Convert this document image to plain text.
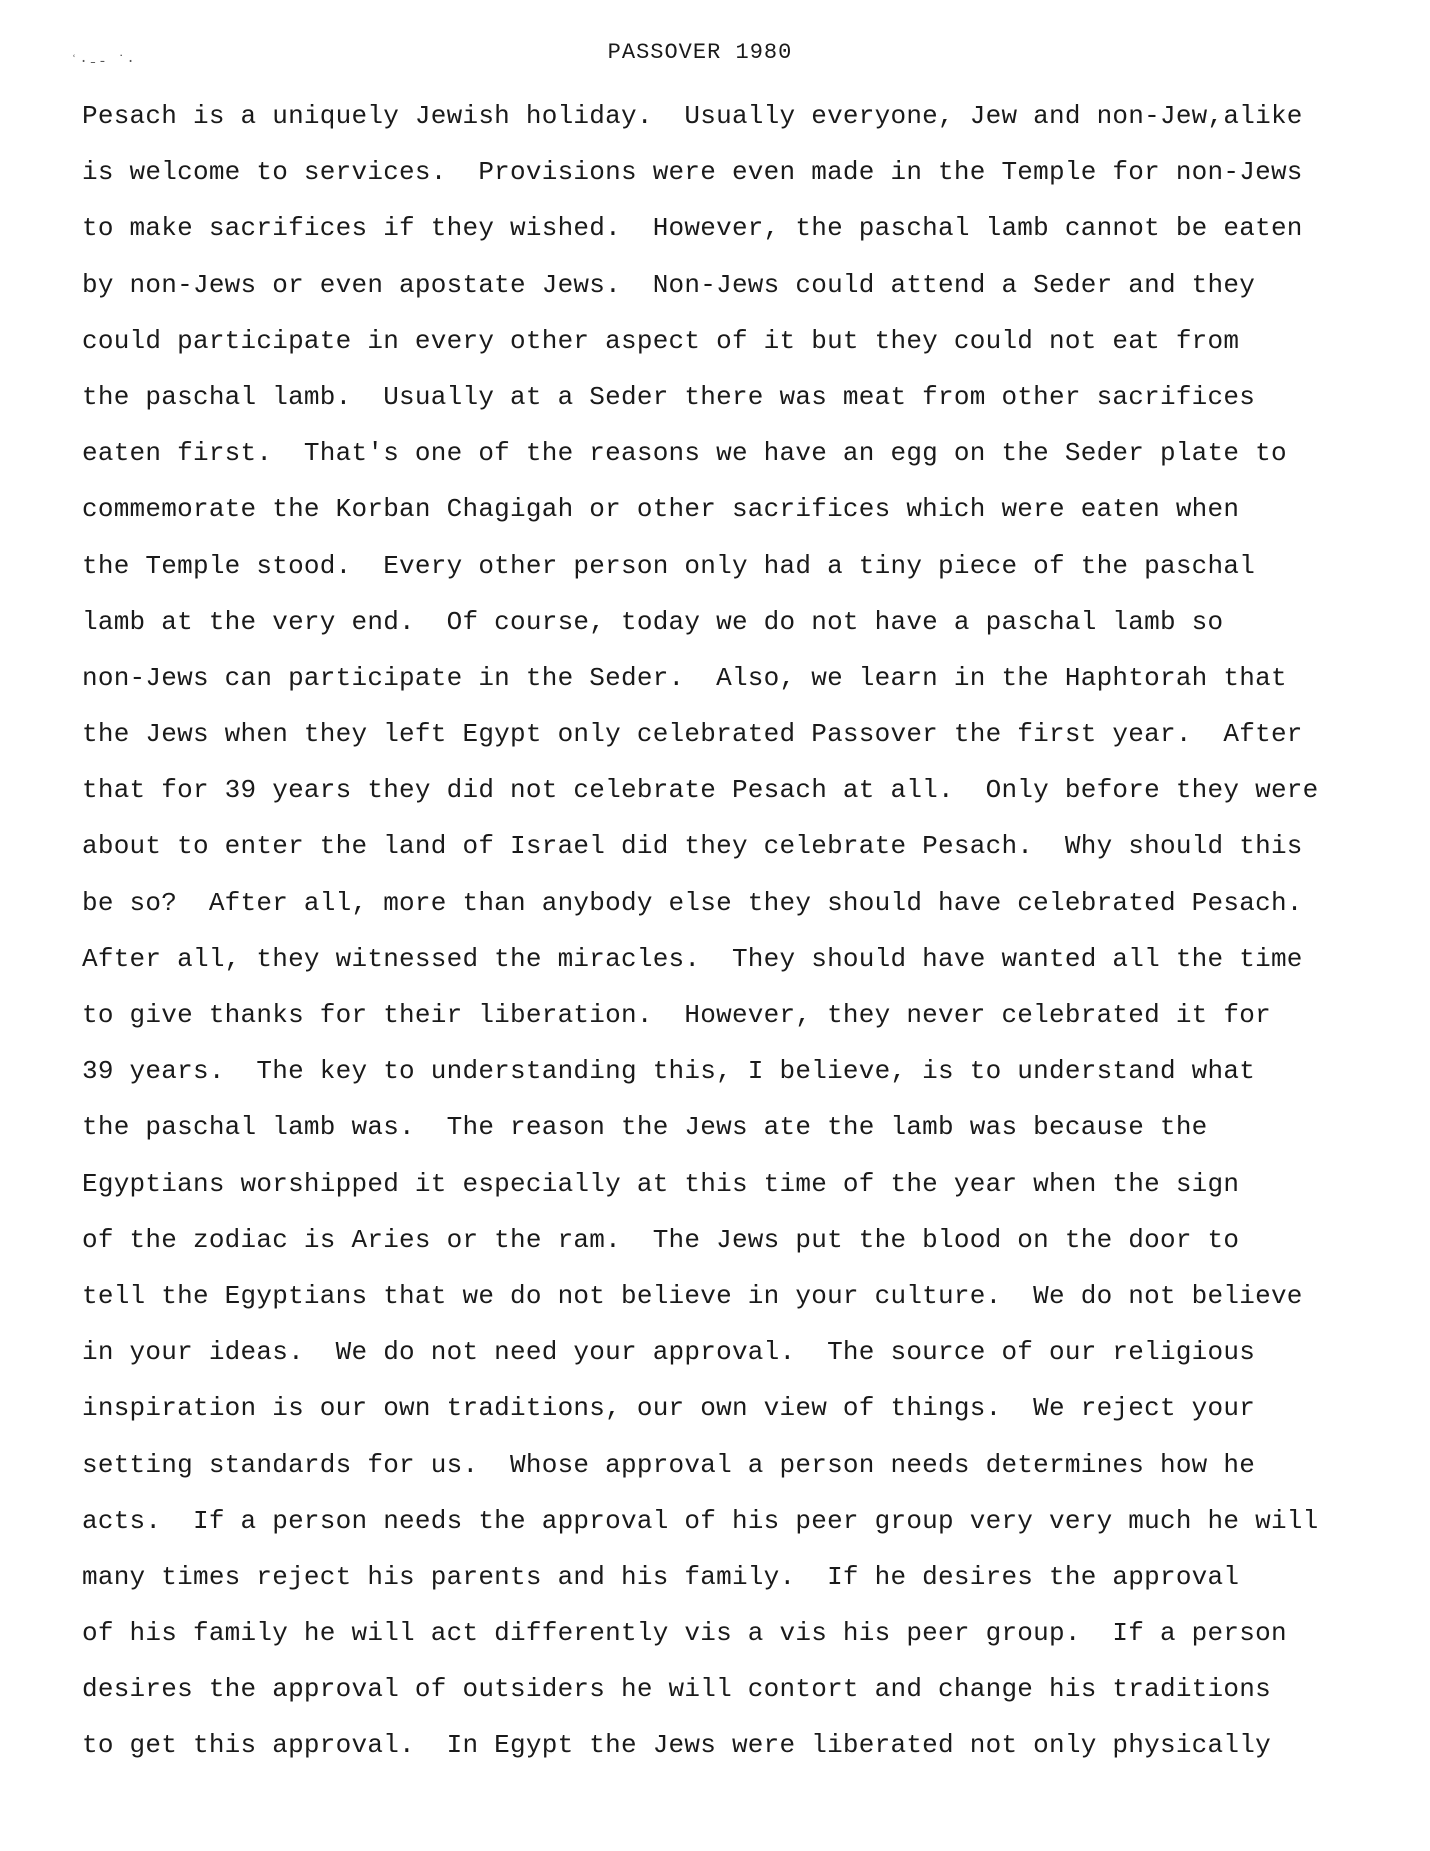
ʿ·˗‐ ˙·	PASSOVER 1980
Pesach is a uniquely Jewish holiday.  Usually everyone, Jew and non-Jew,alike
is welcome to services.  Provisions were even made in the Temple for non-Jews
to make sacrifices if they wished.  However, the paschal lamb cannot be eaten
by non-Jews or even apostate Jews.  Non-Jews could attend a Seder and they
could participate in every other aspect of it but they could not eat from
the paschal lamb.  Usually at a Seder there was meat from other sacrifices
eaten first.  That's one of the reasons we have an egg on the Seder plate to
commemorate the Korban Chagigah or other sacrifices which were eaten when
the Temple stood.  Every other person only had a tiny piece of the paschal
lamb at the very end.  Of course, today we do not have a paschal lamb so
non-Jews can participate in the Seder.  Also, we learn in the Haphtorah that
the Jews when they left Egypt only celebrated Passover the first year.  After
that for 39 years they did not celebrate Pesach at all.  Only before they were
about to enter the land of Israel did they celebrate Pesach.  Why should this
be so?  After all, more than anybody else they should have celebrated Pesach.
After all, they witnessed the miracles.  They should have wanted all the time
to give thanks for their liberation.  However, they never celebrated it for
39 years.  The key to understanding this, I believe, is to understand what
the paschal lamb was.  The reason the Jews ate the lamb was because the
Egyptians worshipped it especially at this time of the year when the sign
of the zodiac is Aries or the ram.  The Jews put the blood on the door to
tell the Egyptians that we do not believe in your culture.  We do not believe
in your ideas.  We do not need your approval.  The source of our religious
inspiration is our own traditions, our own view of things.  We reject your
setting standards for us.  Whose approval a person needs determines how he
acts.  If a person needs the approval of his peer group very very much he will
many times reject his parents and his family.  If he desires the approval
of his family he will act differently vis a vis his peer group.  If a person
desires the approval of outsiders he will contort and change his traditions
to get this approval.  In Egypt the Jews were liberated not only physically
